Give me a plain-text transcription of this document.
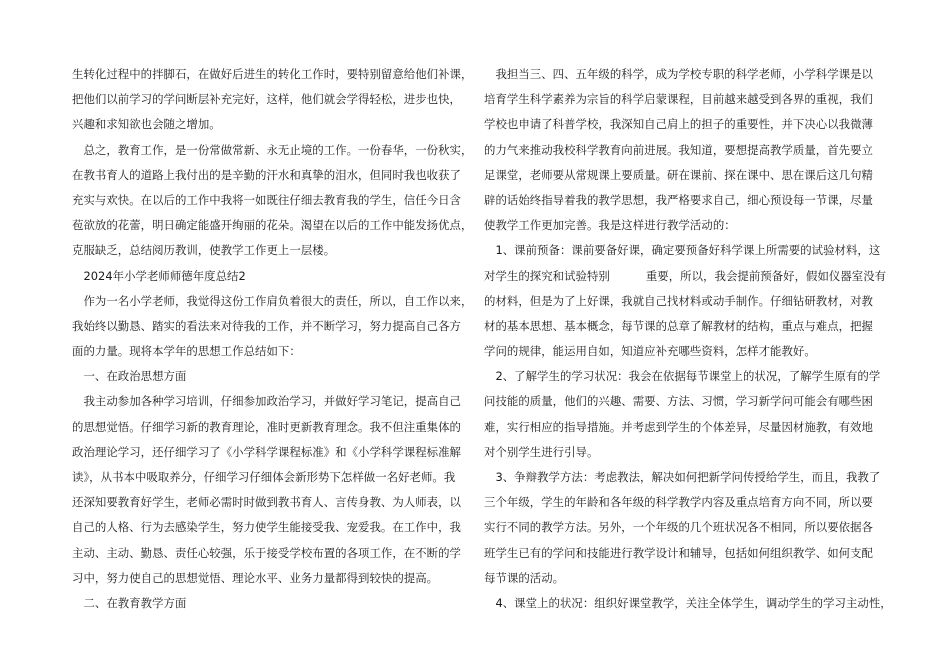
生转化过程中的拌脚石，在做好后进生的转化工作时，要特别留意给他们补课，
把他们以前学习的学问断层补充完好，这样，他们就会学得轻松，进步也快，
兴趣和求知欲也会随之增加。
　总之，教育工作，是一份常做常新、永无止境的工作。一份春华，一份秋实，
在教书育人的道路上我付出的是辛勤的汗水和真挚的泪水，但同时我也收获了
充实与欢快。在以后的工作中我将一如既往仔细去教育我的学生，信任今日含
苞欲放的花蕾，明日确定能盛开绚丽的花朵。渴望在以后的工作中能发扬优点，
克服缺乏，总结阅历教训，使教学工作更上一层楼。
　2024年小学老师师德年度总结2
　作为一名小学老师，我觉得这份工作肩负着很大的责任，所以，自工作以来，
我始终以勤恳、踏实的看法来对待我的工作，并不断学习，努力提高自己各方
面的力量。现将本学年的思想工作总结如下：
　一、在政治思想方面
　我主动参加各种学习培训，仔细参加政治学习，并做好学习笔记，提高自己
的思想觉悟。仔细学习新的教育理论，准时更新教育理念。我不但注重集体的
政治理论学习，还仔细学习了《小学科学课程标准》和《小学科学课程标准解
读》，从书本中吸取养分，仔细学习仔细体会新形势下怎样做一名好老师。我
还深知要教育好学生，老师必需时时做到教书育人、言传身教、为人师表，以
自己的人格、行为去感染学生，努力使学生能接受我、宠爱我。在工作中，我
主动、主动、勤恳、责任心较强，乐于接受学校布置的各项工作，在不断的学
习中，努力使自己的思想觉悟、理论水平、业务力量都得到较快的提高。
　二、在教育教学方面
　我担当三、四、五年级的科学，成为学校专职的科学老师，小学科学课是以
培育学生科学素养为宗旨的科学启蒙课程，目前越来越受到各界的重视，我们
学校也申请了科普学校，我深知自己肩上的担子的重要性，并下决心以我微薄
的力气来推动我校科学教育向前进展。我知道，要想提高教学质量，首先要立
足课堂，老师要从常规课上要质量。研在课前、探在课中、思在课后这几句精
辟的话始终指导着我的教学思想，我严格要求自己，细心预设每一节课，尽量
使教学工作更加完善。我是这样进行教学活动的：
　1、课前预备：课前要备好课，确定要预备好科学课上所需要的试验材料，这
对学生的探究和试验特别	重要，所以，我会提前预备好，假如仪器室没有
的材料，但是为了上好课，我就自己找材料或动手制作。仔细钻研教材，对教
材的基本思想、基本概念，每节课的总章了解教材的结构，重点与难点，把握
学问的规律，能运用自如，知道应补充哪些资料，怎样才能教好。
　2、了解学生的学习状况：我会在依据每节课堂上的状况，了解学生原有的学
问技能的质量，他们的兴趣、需要、方法、习惯，学习新学问可能会有哪些困
难，实行相应的指导措施。并考虑到学生的个体差异，尽量因材施教，有效地
对个别学生进行引导。
　3、争辩教学方法：考虑教法，解决如何把新学问传授给学生，而且，我教了
三个年级，学生的年龄和各年级的科学教学内容及重点培育方向不同，所以要
实行不同的教学方法。另外，一个年级的几个班状况各不相同，所以要依据各
班学生已有的学问和技能进行教学设计和辅导，包括如何组织教学、如何支配
每节课的活动。
　4、课堂上的状况：组织好课堂教学，关注全体学生，调动学生的学习主动性，
